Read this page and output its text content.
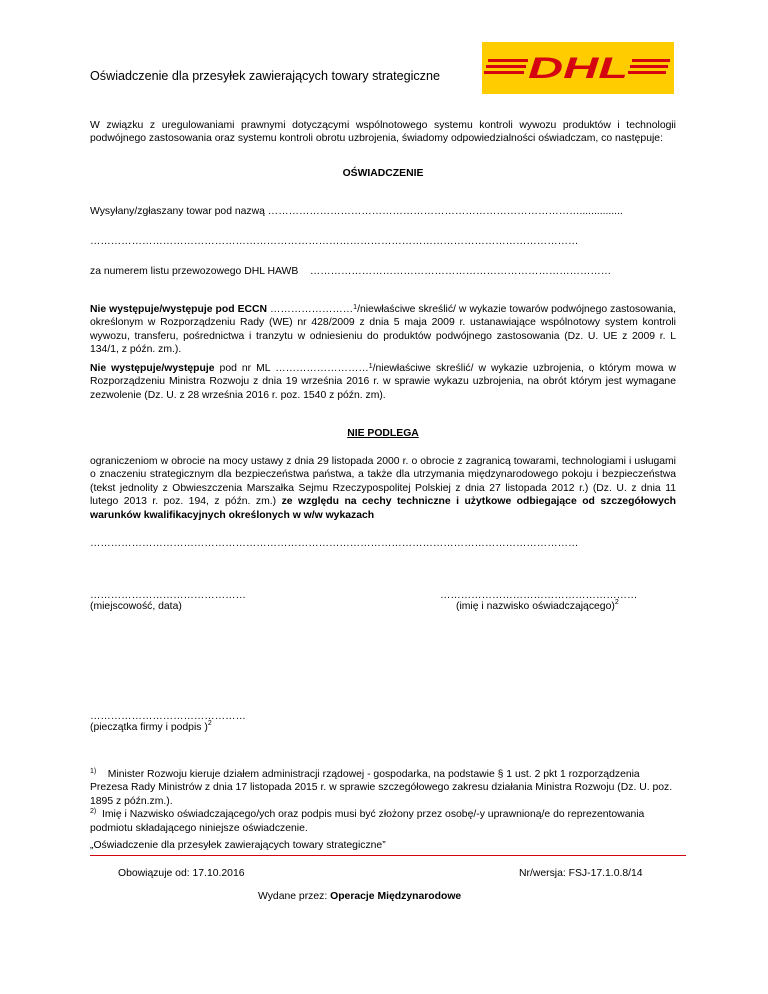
DHL
Oświadczenie dla przesyłek zawierających towary strategiczne
W związku z uregulowaniami prawnymi dotyczącymi wspólnotowego systemu kontroli wywozu produktów i technologii podwójnego zastosowania oraz systemu kontroli obrotu uzbrojenia, świadomy odpowiedzialności oświadczam, co następuje:
OŚWIADCZENIE
Wysyłany/zgłaszany towar pod nazwą ………………………………………………………………………………...............
……………………………………………………………………………………………………………………………
za numerem listu przewozowego DHL HAWB ……………………………………………………………………………
Nie występuje/występuje pod ECCN ……………………$^1$/niewłaściwe skreślić/ w wykazie towarów podwójnego zastosowania, określonym w Rozporządzeniu Rady (WE) nr 428/2009 z dnia 5 maja 2009 r. ustanawiające wspólnotowy system kontroli wywozu, transferu, pośrednictwa i tranzytu w odniesieniu do produktów podwójnego zastosowania (Dz. U. UE z 2009 r. L 134/1, z późn. zm.).
Nie występuje/występuje pod nr ML ………………………$^1$/niewłaściwe skreślić/ w wykazie uzbrojenia, o którym mowa w Rozporządzeniu Ministra Rozwoju z dnia 19 września 2016 r. w sprawie wykazu uzbrojenia, na obrót którym jest wymagane zezwolenie (Dz. U. z 28 września 2016 r. poz. 1540 z późn. zm).
NIE PODLEGA
ograniczeniom w obrocie na mocy ustawy z dnia 29 listopada 2000 r. o obrocie z zagranicą towarami, technologiami i usługami o znaczeniu strategicznym dla bezpieczeństwa państwa, a także dla utrzymania międzynarodowego pokoju i bezpieczeństwa (tekst jednolity z Obwieszczenia Marszałka Sejmu Rzeczypospolitej Polskiej z dnia 27 listopada 2012 r.) (Dz. U. z dnia 11 lutego 2013 r. poz. 194, z późn. zm.) ze względu na cechy techniczne i użytkowe odbiegające od szczegółowych warunków kwalifikacyjnych określonych w w/w wykazach
……………………………………………………………………………………………………………………………
………………………………………
(miejscowość, data)
…………………………………………………
(imię i nazwisko oświadczającego)$^2$
………………………………………
(pieczątka firmy i podpis )$^2$
$^{1)}$ Minister Rozwoju kieruje działem administracji rządowej - gospodarka, na podstawie § 1 ust. 2 pkt 1 rozporządzenia Prezesa Rady Ministrów z dnia 17 listopada 2015 r. w sprawie szczegółowego zakresu działania Ministra Rozwoju (Dz. U. poz. 1895 z późn.zm.).
$^{2)}$ Imię i Nazwisko oświadczającego/ych oraz podpis musi być złożony przez osobę/-y uprawnioną/e do reprezentowania podmiotu składającego niniejsze oświadczenie.
„Oświadczenie dla przesyłek zawierających towary strategiczne”
Obowiązuje od: 17.10.2016	Nr/wersja: FSJ-17.1.0.8/14
Wydane przez: Operacje Międzynarodowe
